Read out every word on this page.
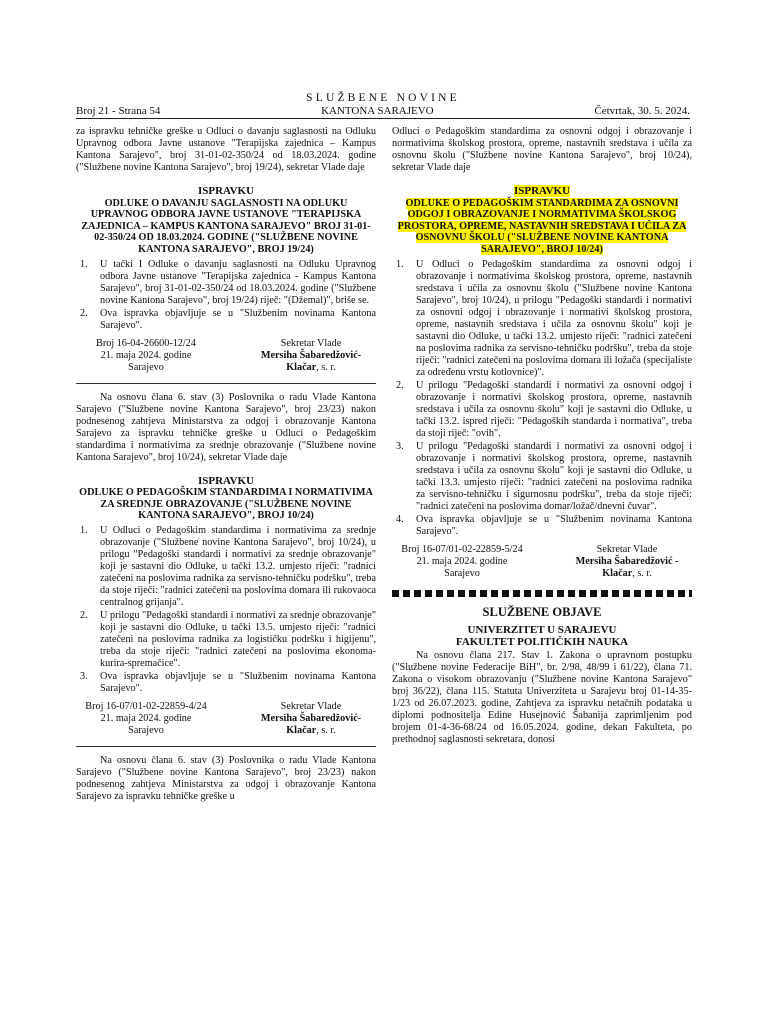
SLUŽBENE NOVINE
Broj 21 - Strana 54	KANTONA SARAJEVO	Četvrtak, 30. 5. 2024.

za ispravku tehničke greške u Odluci o davanju saglasnosti na Odluku Upravnog odbora Javne ustanove "Terapijska zajednica – Kampus Kantona Sarajevo", broj 31-01-02-350/24 od 18.03.2024. godine ("Službene novine Kantona Sarajevo", broj 19/24), sekretar Vlade daje

ISPRAVKU
ODLUKE O DAVANJU SAGLASNOSTI NA ODLUKU UPRAVNOG ODBORA JAVNE USTANOVE "TERAPIJSKA ZAJEDNICA – KAMPUS KANTONA SARAJEVO" BROJ 31-01-02-350/24 OD 18.03.2024. GODINE ("SLUŽBENE NOVINE KANTONA SARAJEVO", BROJ 19/24)
1. U tački I Odluke o davanju saglasnosti na Odluku Upravnog odbora Javne ustanove "Terapijska zajednica - Kampus Kantona Sarajevo", broj 31-01-02-350/24 od 18.03.2024. godine ("Službene novine Kantona Sarajevo", broj 19/24) riječ: "(Džemal)", briše se.
2. Ova ispravka objavljuje se u "Službenim novinama Kantona Sarajevo".
Broj 16-04-26600-12/24
21. maja 2024. godine
Sarajevo
Sekretar Vlade
Mersiha Šabaredžović-Klačar, s. r.

Na osnovu člana 6. stav (3) Poslovnika o radu Vlade Kantona Sarajevo ("Službene novine Kantona Sarajevo", broj 23/23) nakon podnesenog zahtjeva Ministarstva za odgoj i obrazovanje Kantona Sarajevo za ispravku tehničke greške u Odluci o Pedagoškim standardima i normativima za srednje obrazovanje ("Službene novine Kantona Sarajevo", broj 10/24), sekretar Vlade daje

ISPRAVKU
ODLUKE O PEDAGOŠKIM STANDARDIMA I NORMATIVIMA ZA SREDNJE OBRAZOVANJE ("SLUŽBENE NOVINE KANTONA SARAJEVO", BROJ 10/24)
1. U Odluci o Pedagoškim standardima i normativima za srednje obrazovanje ("Službene novine Kantona Sarajevo", broj 10/24), u prilogu "Pedagoški standardi i normativi za srednje obrazovanje" koji je sastavni dio Odluke, u tački 13.2. umjesto riječi: "radnici zatečeni na poslovima radnika za servisno-tehničku podršku", treba da stoje riječi: "radnici zatečeni na poslovima domara ili rukovaoca centralnog grijanja".
2. U prilogu "Pedagoški standardi i normativi za srednje obrazovanje" koji je sastavni dio Odluke, u tački 13.5. umjesto riječi: "radnici zatečeni na poslovima radnika za logističku podršku i higijenu", treba da stoje riječi: "radnici zatečeni na poslovima ekonoma-kurira-spremačice".
3. Ova ispravka objavljuje se u "Službenim novinama Kantona Sarajevo".
Broj 16-07/01-02-22859-4/24
21. maja 2024. godine
Sarajevo
Sekretar Vlade
Mersiha Šabaredžović-Klačar, s. r.

Na osnovu člana 6. stav (3) Poslovnika o radu Vlade Kantona Sarajevo ("Službene novine Kantona Sarajevo", broj 23/23) nakon podnesenog zahtjeva Ministarstva za odgoj i obrazovanje Kantona Sarajevo za ispravku tehničke greške u

Odluci o Pedagoškim standardima za osnovni odgoj i obrazovanje i normativima školskog prostora, opreme, nastavnih sredstava i učila za osnovnu školu ("Službene novine Kantona Sarajevo", broj 10/24), sekretar Vlade daje

ISPRAVKU
ODLUKE O PEDAGOŠKIM STANDARDIMA ZA OSNOVNI ODGOJ I OBRAZOVANJE I NORMATIVIMA ŠKOLSKOG PROSTORA, OPREME, NASTAVNIH SREDSTAVA I UČILA ZA OSNOVNU ŠKOLU ("SLUŽBENE NOVINE KANTONA SARAJEVO", BROJ 10/24)
1. U Odluci o Pedagoškim standardima za osnovni odgoj i obrazovanje i normativima školskog prostora, opreme, nastavnih sredstava i učila za osnovnu školu ("Službene novine Kantona Sarajevo", broj 10/24), u prilogu "Pedagoški standardi i normativi za osnovni odgoj i obrazovanje i normativi školskog prostora, opreme, nastavnih sredstava i učila za osnovnu školu" koji je sastavni dio Odluke, u tački 13.2. umjesto riječi: "radnici zatečeni na poslovima radnika za servisno-tehničku podršku", treba da stoje riječi: "radnici zatečeni na poslovima domara ili ložača (specijaliste za određenu vrstu kotlovnice)".
2. U prilogu "Pedagoški standardi i normativi za osnovni odgoj i obrazovanje i normativi školskog prostora, opreme, nastavnih sredstava i učila za osnovnu školu" koji je sastavni dio Odluke, u tački 13.2. ispred riječi: "Pedagoških standarda i normativa", treba da stoji riječ: "ovih".
3. U prilogu "Pedagoški standardi i normativi za osnovni odgoj i obrazovanje i normativi školskog prostora, opreme, nastavnih sredstava i učila za osnovnu školu" koji je sastavni dio Odluke, u tački 13.3. umjesto riječi: "radnici zatečeni na poslovima radnika za servisno-tehničku i sigurnosnu podršku", treba da stoje riječi: "radnici zatečeni na poslovima domar/ložač/dnevni čuvar".
4. Ova ispravka objavljuje se u "Službenim novinama Kantona Sarajevo".
Broj 16-07/01-02-22859-5/24
21. maja 2024. godine
Sarajevo
Sekretar Vlade
Mersiha Šabaredžović -Klačar, s. r.
SLUŽBENE OBJAVE
UNIVERZITET U SARAJEVU
FAKULTET POLITIČKIH NAUKA

Na osnovu člana 217. Stav 1. Zakona o upravnom postupku ("Službene novine Federacije BiH", br. 2/98, 48/99 i 61/22), člana 71. Zakona o visokom obrazovanju ("Službene novine Kantona Sarajevo" broj 36/22), člana 115. Statuta Univerziteta u Sarajevu broj 01-14-35-1/23 od 26.07.2023. godine, Zahtjeva za ispravku netačnih podataka u diplomi podnositelja Edine Husejnović Šabanija zaprimljenim pod brojem 01-4-36-68/24 od 16.05.2024. godine, dekan Fakulteta, po prethodnoj saglasnosti sekretara, donosi
